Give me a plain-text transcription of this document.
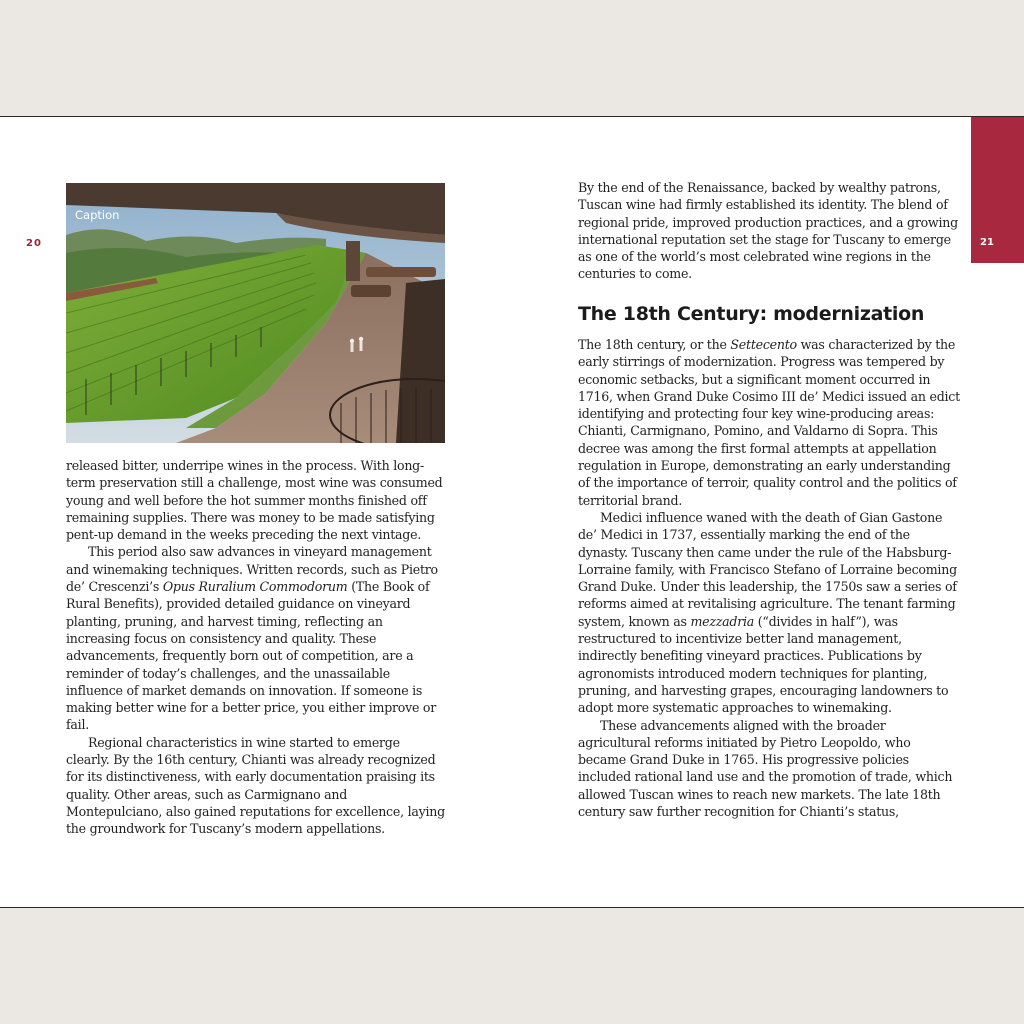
20
Caption

released bitter, underripe wines in the process. With long-term preservation still a challenge, most wine was consumed young and well before the hot summer months finished off remaining supplies. There was money to be made satisfying pent-up demand in the weeks preceding the next vintage.

This period also saw advances in vineyard management and winemaking techniques. Written records, such as Pietro de’ Crescenzi’s Opus Ruralium Commodorum (The Book of Rural Benefits), provided detailed guidance on vineyard planting, pruning, and harvest timing, reflecting an increasing focus on consistency and quality. These advancements, frequently born out of competition, are a reminder of today’s challenges, and the unassailable influence of market demands on innovation. If someone is making better wine for a better price, you either improve or fail.

Regional characteristics in wine started to emerge clearly. By the 16th century, Chianti was already recognized for its distinctiveness, with early documentation praising its quality. Other areas, such as Carmignano and Montepulciano, also gained reputations for excellence, laying the groundwork for Tuscany’s modern appellations.

21

By the end of the Renaissance, backed by wealthy patrons, Tuscan wine had firmly established its identity. The blend of regional pride, improved production practices, and a growing international reputation set the stage for Tuscany to emerge as one of the world’s most celebrated wine regions in the centuries to come.

The 18th Century: modernization

The 18th century, or the Settecento was characterized by the early stirrings of modernization. Progress was tempered by economic setbacks, but a significant moment occurred in 1716, when Grand Duke Cosimo III de’ Medici issued an edict identifying and protecting four key wine-producing areas: Chianti, Carmignano, Pomino, and Valdarno di Sopra. This decree was among the first formal attempts at appellation regulation in Europe, demonstrating an early understanding of the importance of terroir, quality control and the politics of territorial brand.

Medici influence waned with the death of Gian Gastone de’ Medici in 1737, essentially marking the end of the dynasty. Tuscany then came under the rule of the Habsburg-Lorraine family, with Francisco Stefano of Lorraine becoming Grand Duke. Under this leadership, the 1750s saw a series of reforms aimed at revitalising agriculture. The tenant farming system, known as mezzadria (“divides in half”), was restructured to incentivize better land management, indirectly benefiting vineyard practices. Publications by agronomists introduced modern techniques for planting, pruning, and harvesting grapes, encouraging landowners to adopt more systematic approaches to winemaking.

These advancements aligned with the broader agricultural reforms initiated by Pietro Leopoldo, who became Grand Duke in 1765. His progressive policies included rational land use and the promotion of trade, which allowed Tuscan wines to reach new markets. The late 18th century saw further recognition for Chianti’s status,
